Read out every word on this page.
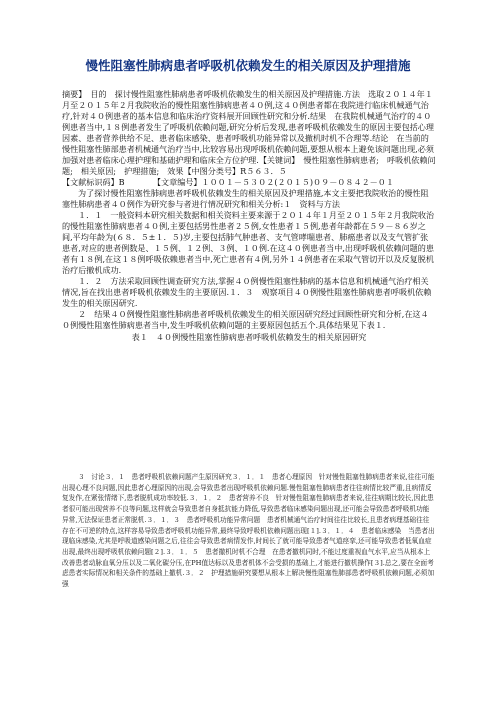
慢性阻塞性肺病患者呼吸机依赖发生的相关原因及护理措施

摘要】　目的　探讨慢性阻塞性肺病患者呼吸机依赖发生的相关原因及护理措施.方法　选取２０１４年１月至２０１５年２月我院收治的慢性阻塞性肺病患者４０例,这４０例患者都在我院进行临床机械通气治疗,针对４０例患者的基本信息和临床治疗资料展开回顾性研究和分析.结果　在我院机械通气治疗的４０例患者当中,１８例患者发生了呼吸机依赖问题,研究分析后发现,患者呼吸机依赖发生的原因主要包括心理因素、患者营养供给不足、患者临床感染、患者呼吸机功能异常以及撤机时机不合理等.结论　在当前的慢性阻塞性肺部患者机械通气治疗当中,比较容易出现呼吸机依赖问题,要想从根本上避免该问题出现,必须加强对患者临床心理护理和基础护理和临床全方位护理.【关键词】　慢性阻塞性肺病患者;　呼吸机依赖问题;　相关原因;　护理措施;　效果【中图分类号】R５６３．５

【文献标识码】B　　　　【文章编号】１００１－５３０２(２０１５)０９－０８４２－０１

为了探讨慢性阻塞性肺病患者呼吸机依赖发生的相关原因及护理措施,本文主要把我院收治的慢性阻塞性肺病患者４０例作为研究参与者进行情况研究和相关分析:１　资料与方法

１．１　一般资料本研究相关数据和相关资料主要来源于２０１４年１月至２０１５年２月我院收治的慢性阻塞性肺病患者４０例,主要包括男性患者２５例,女性患者１５例,患者年龄都在５９－８６岁之间,平均年龄为(６８．５±１．５)岁,主要包括肺气肿患者、支气管哮喘患者、肺癌患者以及支气管扩张患者,对应的患者例数是、１５例、１２例、３例、１０例.在这４０例患者当中,出现呼吸机依赖问题的患者有１８例,在这１８例呼吸依赖患者当中,死亡患者有４例,另外１４例患者在采取气管切开以及反复脱机治疗后撤机成功.

１．２　方法采取回顾性调查研究方法,掌握４０例慢性阻塞性肺病的基本信息和机械通气治疗相关情况,旨在找出患者呼吸机依赖发生的主要原因.１．３　观察项目４０例慢性阻塞性肺病患者呼吸机依赖发生的相关原因研究.

２　结果４０例慢性阻塞性肺病患者呼吸机依赖发生的相关原因研究经过回顾性研究和分析,在这４０例慢性阻塞性肺病患者当中,发生呼吸机依赖问题的主要原因包括五个.具体结果见下表１.

表１　４０例慢性阻塞性肺病患者呼吸机依赖发生的相关原因研究

３　讨论３．１　患者呼吸机依赖问题产生原因研究３．１．１　患者心理原因　针对慢性阻塞性肺病患者来说,往往可能出现心理不良问题,因此患者心理原因的出现,会导致患者出现呼吸机依赖问题.慢性阻塞性肺病患者往往病情比较严重,且病情反复发作,在紧张情绪下,患者脱机成功率较低.３．１．２　患者营养不良　针对慢性阻塞性肺病患者来说,往往病期比较长,因此患者很可能出现营养不良等问题,这样就会导致患者自身抵抗能力降低,导致患者临床感染问题出现,还可能会导致患者呼吸机功能异常,无法保证患者正常脱机.３．１．３　患者呼吸机功能异常问题　患者机械通气治疗时间往往比较长,且患者病理基础往往存在不可逆的特点,这样容易导致患者呼吸机功能异常,最终导致呼吸机依赖问题出现[１].３．１．４　患者临床感染　当患者出现临床感染,尤其是呼吸道感染问题之后,往往会导致患者病情发作,时间长了就可能导致患者气道痉挛,还可能导致患者低氧血症出现,最终出现呼吸机依赖问题[２].３．１．５　患者撤机时机不合理　在患者撤机同时,不能过度重视血气水平,应当从根本上改善患者动脉血氧分压以及二氧化碳分压,在PH值达标以及患者机体不会受损的基础上,才能进行撤机操作[３].总之,要在全面考虑患者实际情况和相关条件的基础上撤机.３．２　护理措施研究要想从根本上解决慢性阻塞性肺部患者呼吸机依赖问题,必须加强
